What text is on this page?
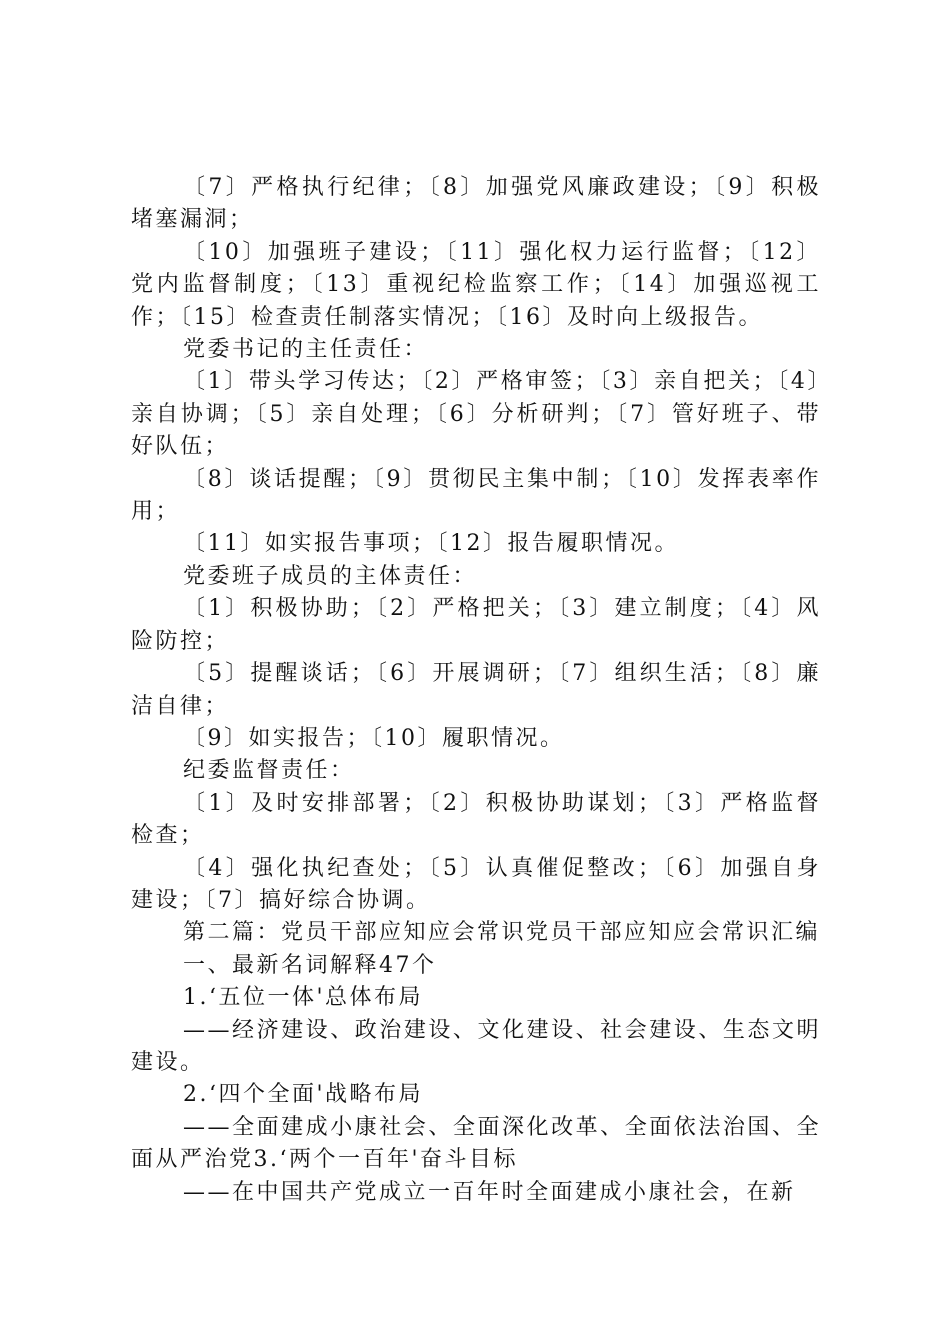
〔7〕严格执行纪律；〔8〕加强党风廉政建设；〔9〕积极堵塞漏洞；

〔10〕加强班子建设；〔11〕强化权力运行监督；〔12〕党内监督制度；〔13〕重视纪检监察工作；〔14〕加强巡视工作；〔15〕检查责任制落实情况；〔16〕及时向上级报告。

党委书记的主任责任：

〔1〕带头学习传达；〔2〕严格审签；〔3〕亲自把关；〔4〕亲自协调；〔5〕亲自处理；〔6〕分析研判；〔7〕管好班子、带好队伍；

〔8〕谈话提醒；〔9〕贯彻民主集中制；〔10〕发挥表率作用；

〔11〕如实报告事项；〔12〕报告履职情况。

党委班子成员的主体责任：

〔1〕积极协助；〔2〕严格把关；〔3〕建立制度；〔4〕风险防控；

〔5〕提醒谈话；〔6〕开展调研；〔7〕组织生活；〔8〕廉洁自律；

〔9〕如实报告；〔10〕履职情况。

纪委监督责任：

〔1〕及时安排部署；〔2〕积极协助谋划；〔3〕严格监督检查；

〔4〕强化执纪查处；〔5〕认真催促整改；〔6〕加强自身建设；〔7〕搞好综合协调。

第二篇：党员干部应知应会常识党员干部应知应会常识汇编

一、最新名词解释47个

1.‘五位一体'总体布局

——经济建设、政治建设、文化建设、社会建设、生态文明建设。

2.‘四个全面'战略布局

——全面建成小康社会、全面深化改革、全面依法治国、全面从严治党3.‘两个一百年'奋斗目标

——在中国共产党成立一百年时全面建成小康社会，在新
